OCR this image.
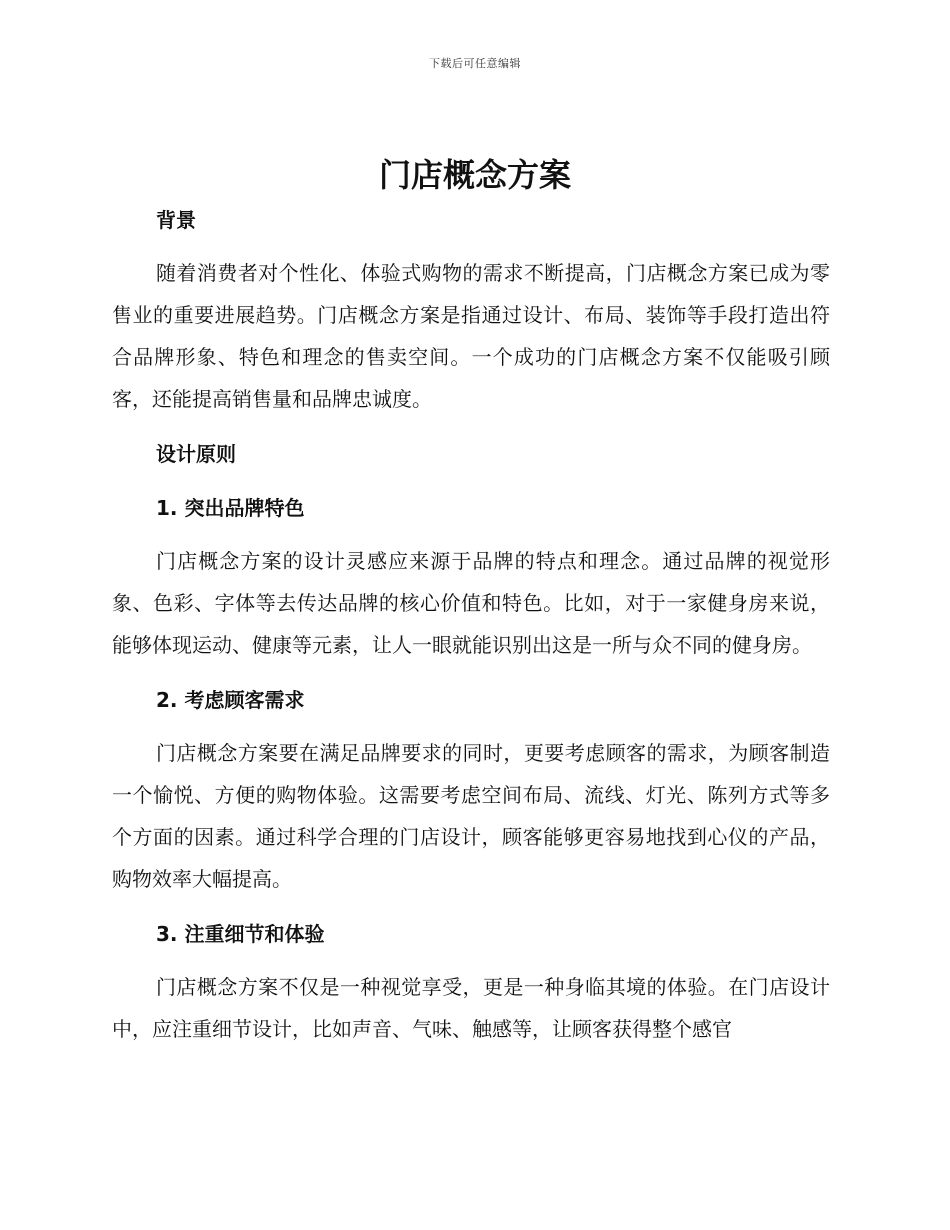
下载后可任意编辑
门店概念方案
背景

随着消费者对个性化、体验式购物的需求不断提高，门店概念方案已成为零售业的重要进展趋势。门店概念方案是指通过设计、布局、装饰等手段打造出符合品牌形象、特色和理念的售卖空间。一个成功的门店概念方案不仅能吸引顾客，还能提高销售量和品牌忠诚度。

设计原则
1. 突出品牌特色

门店概念方案的设计灵感应来源于品牌的特点和理念。通过品牌的视觉形象、色彩、字体等去传达品牌的核心价值和特色。比如，对于一家健身房来说，能够体现运动、健康等元素，让人一眼就能识别出这是一所与众不同的健身房。

2. 考虑顾客需求

门店概念方案要在满足品牌要求的同时，更要考虑顾客的需求，为顾客制造一个愉悦、方便的购物体验。这需要考虑空间布局、流线、灯光、陈列方式等多个方面的因素。通过科学合理的门店设计，顾客能够更容易地找到心仪的产品，购物效率大幅提高。

3. 注重细节和体验

门店概念方案不仅是一种视觉享受，更是一种身临其境的体验。在门店设计中，应注重细节设计，比如声音、气味、触感等，让顾客获得整个感官
